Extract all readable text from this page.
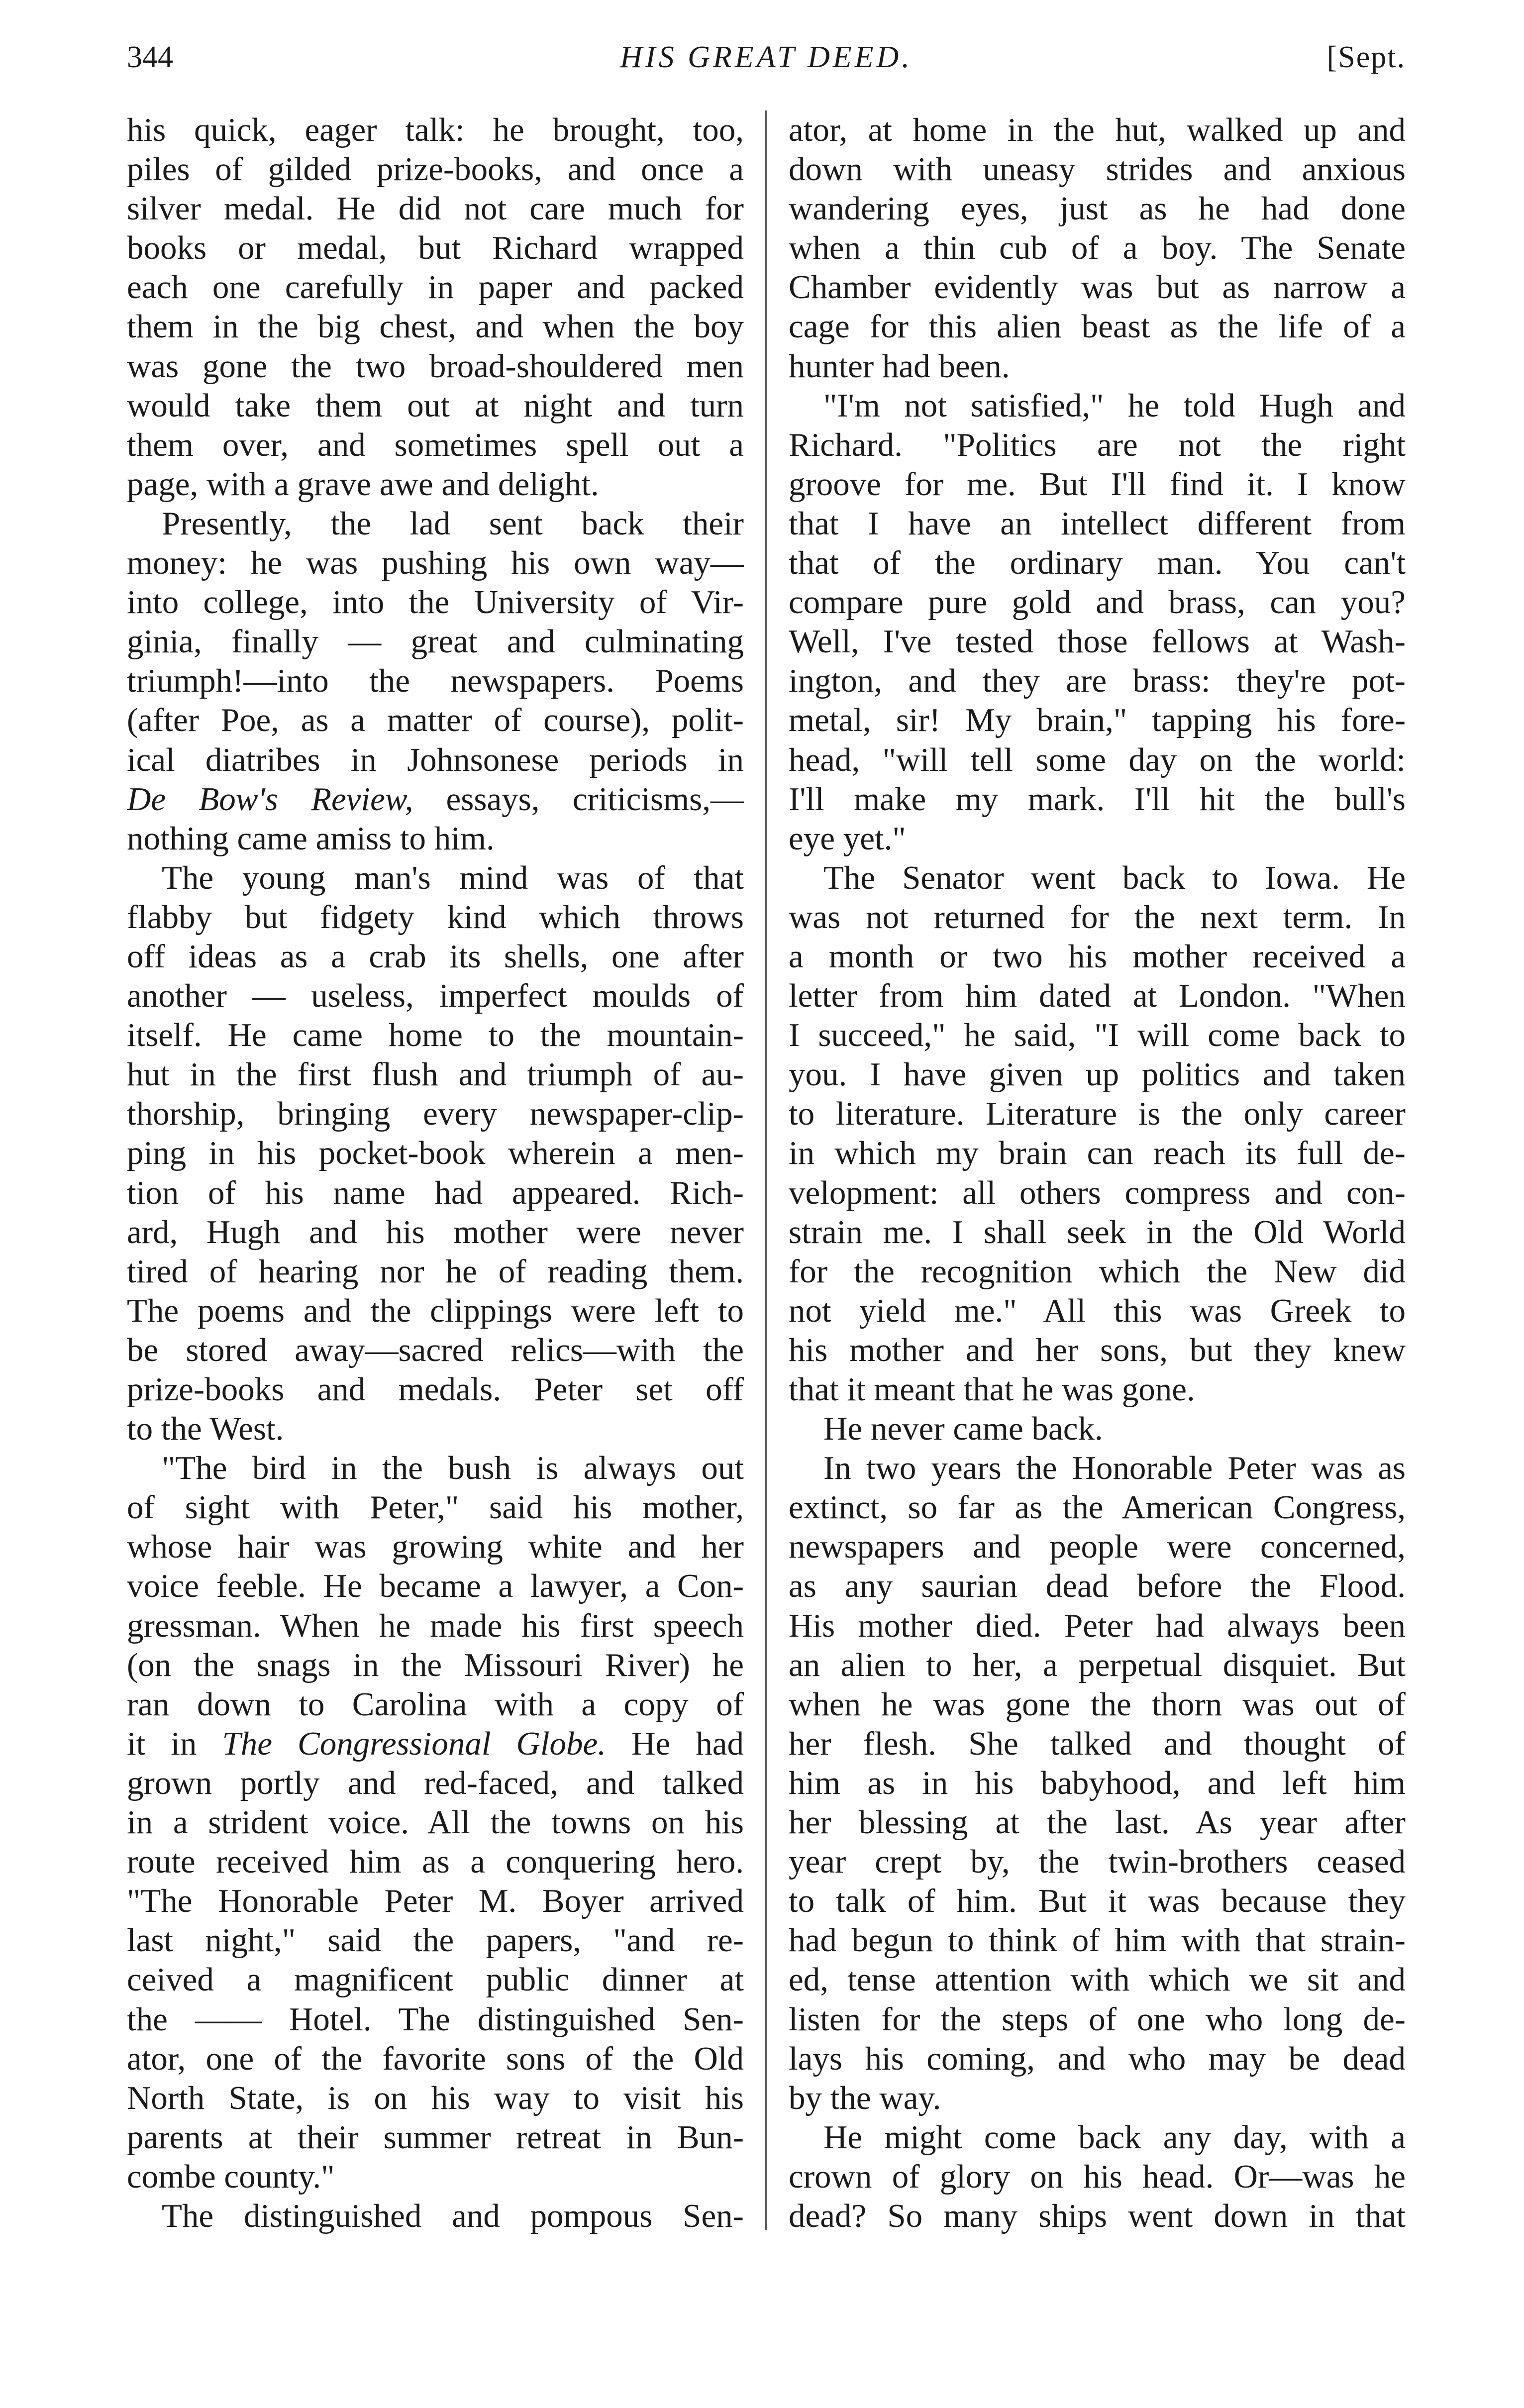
344	HIS GREAT DEED.	[Sept.
his quick, eager talk: he brought, too,
piles of gilded prize-books, and once a
silver medal. He did not care much for
books or medal, but Richard wrapped
each one carefully in paper and packed
them in the big chest, and when the boy
was gone the two broad-shouldered men
would take them out at night and turn
them over, and sometimes spell out a
page, with a grave awe and delight.
Presently, the lad sent back their
money: he was pushing his own way—
into college, into the University of Vir-
ginia, finally — great and culminating
triumph!—into the newspapers. Poems
(after Poe, as a matter of course), polit-
ical diatribes in Johnsonese periods in
De Bow's Review, essays, criticisms,—
nothing came amiss to him.
The young man's mind was of that
flabby but fidgety kind which throws
off ideas as a crab its shells, one after
another — useless, imperfect moulds of
itself. He came home to the mountain-
hut in the first flush and triumph of au-
thorship, bringing every newspaper-clip-
ping in his pocket-book wherein a men-
tion of his name had appeared. Rich-
ard, Hugh and his mother were never
tired of hearing nor he of reading them.
The poems and the clippings were left to
be stored away—sacred relics—with the
prize-books and medals. Peter set off
to the West.
"The bird in the bush is always out
of sight with Peter," said his mother,
whose hair was growing white and her
voice feeble. He became a lawyer, a Con-
gressman. When he made his first speech
(on the snags in the Missouri River) he
ran down to Carolina with a copy of
it in The Congressional Globe. He had
grown portly and red-faced, and talked
in a strident voice. All the towns on his
route received him as a conquering hero.
"The Honorable Peter M. Boyer arrived
last night," said the papers, "and re-
ceived a magnificent public dinner at
the —— Hotel. The distinguished Sen-
ator, one of the favorite sons of the Old
North State, is on his way to visit his
parents at their summer retreat in Bun-
combe county."
The distinguished and pompous Sen-
ator, at home in the hut, walked up and
down with uneasy strides and anxious
wandering eyes, just as he had done
when a thin cub of a boy. The Senate
Chamber evidently was but as narrow a
cage for this alien beast as the life of a
hunter had been.
"I'm not satisfied," he told Hugh and
Richard. "Politics are not the right
groove for me. But I'll find it. I know
that I have an intellect different from
that of the ordinary man. You can't
compare pure gold and brass, can you?
Well, I've tested those fellows at Wash-
ington, and they are brass: they're pot-
metal, sir! My brain," tapping his fore-
head, "will tell some day on the world:
I'll make my mark. I'll hit the bull's
eye yet."
The Senator went back to Iowa. He
was not returned for the next term. In
a month or two his mother received a
letter from him dated at London. "When
I succeed," he said, "I will come back to
you. I have given up politics and taken
to literature. Literature is the only career
in which my brain can reach its full de-
velopment: all others compress and con-
strain me. I shall seek in the Old World
for the recognition which the New did
not yield me." All this was Greek to
his mother and her sons, but they knew
that it meant that he was gone.
He never came back.
In two years the Honorable Peter was as
extinct, so far as the American Congress,
newspapers and people were concerned,
as any saurian dead before the Flood.
His mother died. Peter had always been
an alien to her, a perpetual disquiet. But
when he was gone the thorn was out of
her flesh. She talked and thought of
him as in his babyhood, and left him
her blessing at the last. As year after
year crept by, the twin-brothers ceased
to talk of him. But it was because they
had begun to think of him with that strain-
ed, tense attention with which we sit and
listen for the steps of one who long de-
lays his coming, and who may be dead
by the way.
He might come back any day, with a
crown of glory on his head. Or—was he
dead? So many ships went down in that
